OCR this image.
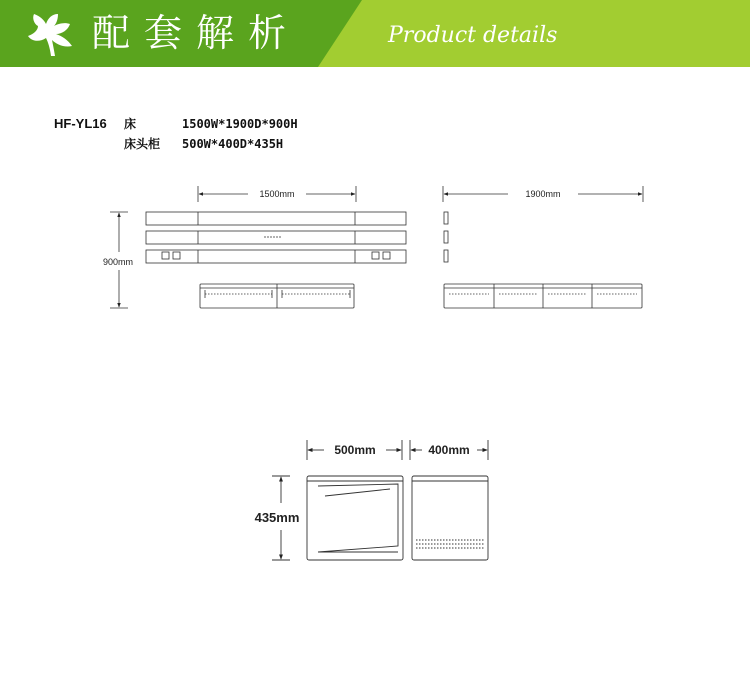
配套解析	Product details
HF-YL16 床	1500W*1900D*900H
床头柜 500W*400D*435H
1500mm
900mm
1900mm
500mm
435mm
400mm
